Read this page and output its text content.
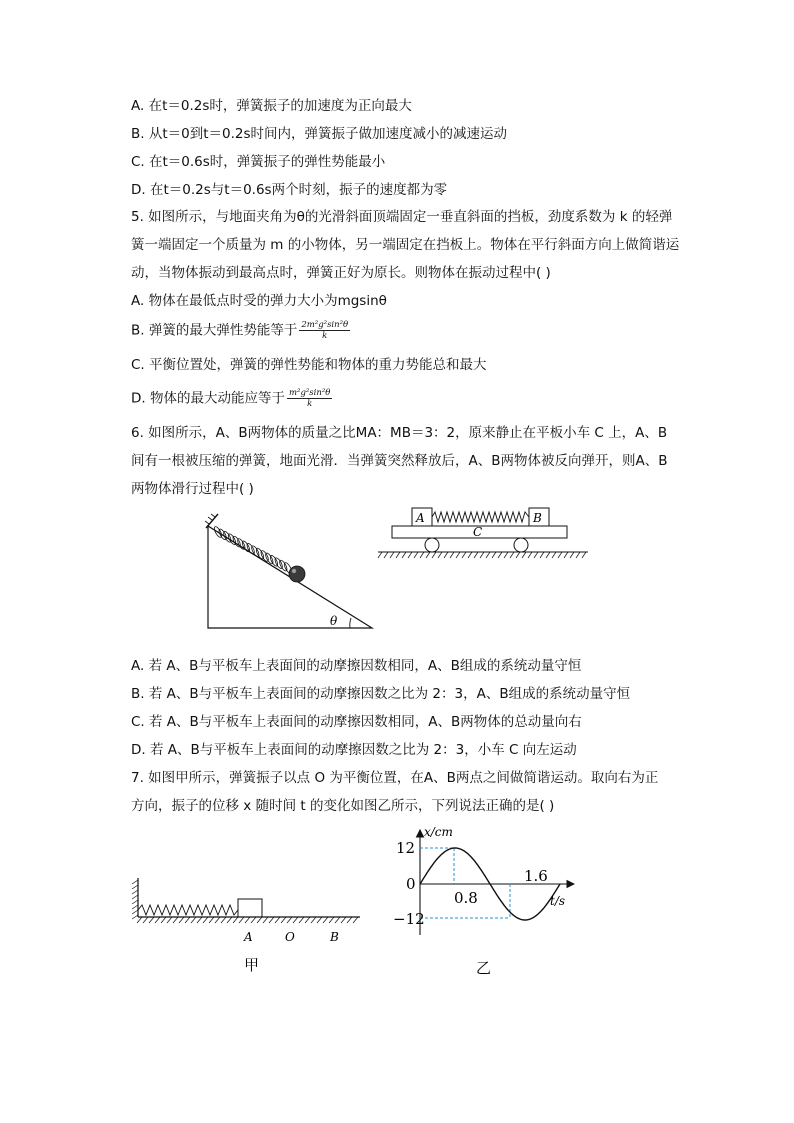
A. 在t＝0.2s时，弹簧振子的加速度为正向最大
B. 从t＝0到t＝0.2s时间内，弹簧振子做加速度减小的减速运动
C. 在t＝0.6s时，弹簧振子的弹性势能最小
D. 在t＝0.2s与t＝0.6s两个时刻，振子的速度都为零
5. 如图所示，与地面夹角为θ的光滑斜面顶端固定一垂直斜面的挡板，劲度系数为 k 的轻弹
簧一端固定一个质量为 m 的小物体，另一端固定在挡板上。物体在平行斜面方向上做简谐运
动，当物体振动到最高点时，弹簧正好为原长。则物体在振动过程中( )
A. 物体在最低点时受的弹力大小为mgsinθ
B. 弹簧的最大弹性势能等于 $\frac{\text{2m²g²sin²θ}}{k}$
C. 平衡位置处，弹簧的弹性势能和物体的重力势能总和最大
D. 物体的最大动能应等于 $\frac{\text{m²g²sin²θ}}{k}$
6. 如图所示，A、B两物体的质量之比MA：MB＝3：2，原来静止在平板小车 C 上，A、B
间有一根被压缩的弹簧，地面光滑．当弹簧突然释放后，A、B两物体被反向弹开，则A、B
两物体滑行过程中( )
θ
A	B
C
A. 若 A、B与平板车上表面间的动摩擦因数相同，A、B组成的系统动量守恒
B. 若 A、B与平板车上表面间的动摩擦因数之比为 2：3，A、B组成的系统动量守恒
C. 若 A、B与平板车上表面间的动摩擦因数相同，A、B两物体的总动量向右
D. 若 A、B与平板车上表面间的动摩擦因数之比为 2：3，小车 C 向左运动
7. 如图甲所示，弹簧振子以点 O 为平衡位置，在A、B两点之间做简谐运动。取向右为正
方向，振子的位移 x 随时间 t 的变化如图乙所示，下列说法正确的是( )
A	O	B
甲
x/cm
t/s
12
0
−12
0.8
1.6
乙
